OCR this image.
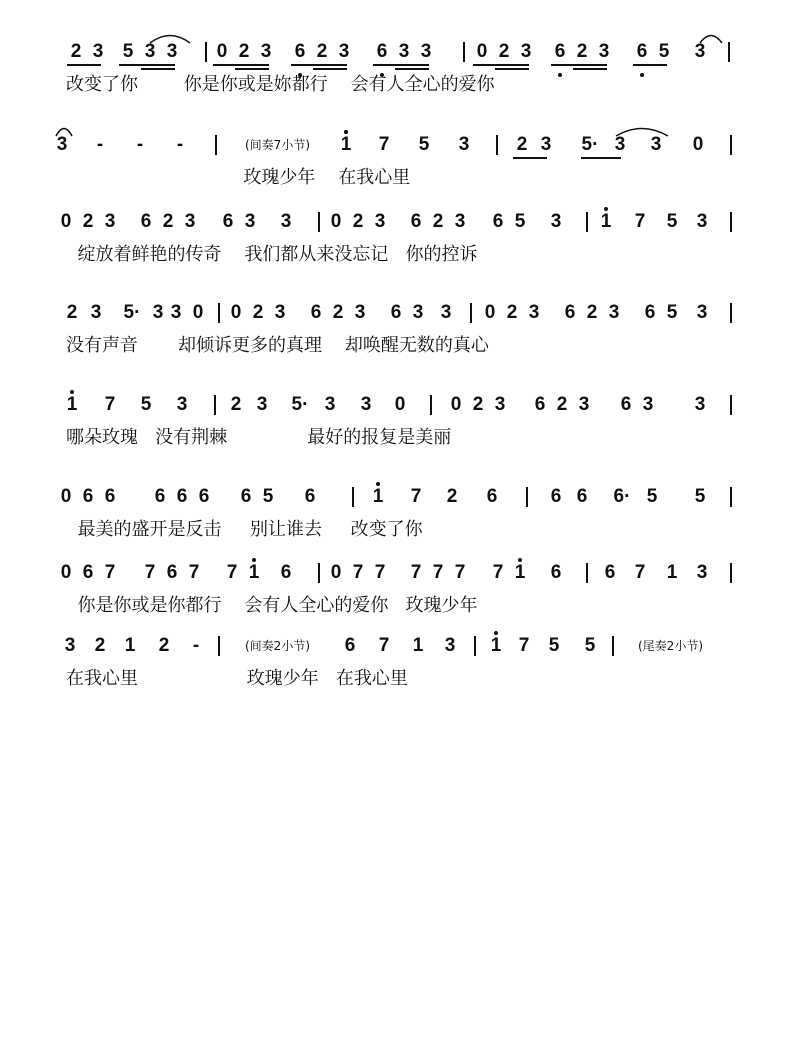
2 3	5 3 3	0 2 3	6 2 3	6 3 3	0 2 3	6 2 3	6 5	3
改变了你        你是你或是妳都行    会有人全心的爱你
3	-	-	-	1	7	5	3	2 3	5· 3	3	0
(间奏7小节)
玫瑰少年    在我心里
0 2 3	6 2 3	6 3	3	0 2 3	6 2 3	6 5	3	1	7	5	3
绽放着鲜艳的传奇    我们都从来没忘记   你的控诉
2 3	5· 3 3 0	0 2 3	6 2 3	6 3 3	0 2 3	6 2 3	6 5	3
没有声音       却倾诉更多的真理    却唤醒无数的真心
1	7	5	3	2 3	5· 3	3	0	0 2 3	6 2 3	6 3	3
哪朵玫瑰   没有荆棘              最好的报复是美丽
0 6 6	6 6 6	6 5	6	1	7	2	6	6 6	6· 5	5
最美的盛开是反击     别让谁去     改变了你
0 6 7	7 6 7	7 1	6	0 7 7	7 7 7	7 1	6	6	7	1	3
你是你或是你都行    会有人全心的爱你   玫瑰少年
3	2	1	2	-	6	7	1	3	1 7	5	5
(间奏2小节)	(尾奏2小节)
在我心里                   玫瑰少年   在我心里
